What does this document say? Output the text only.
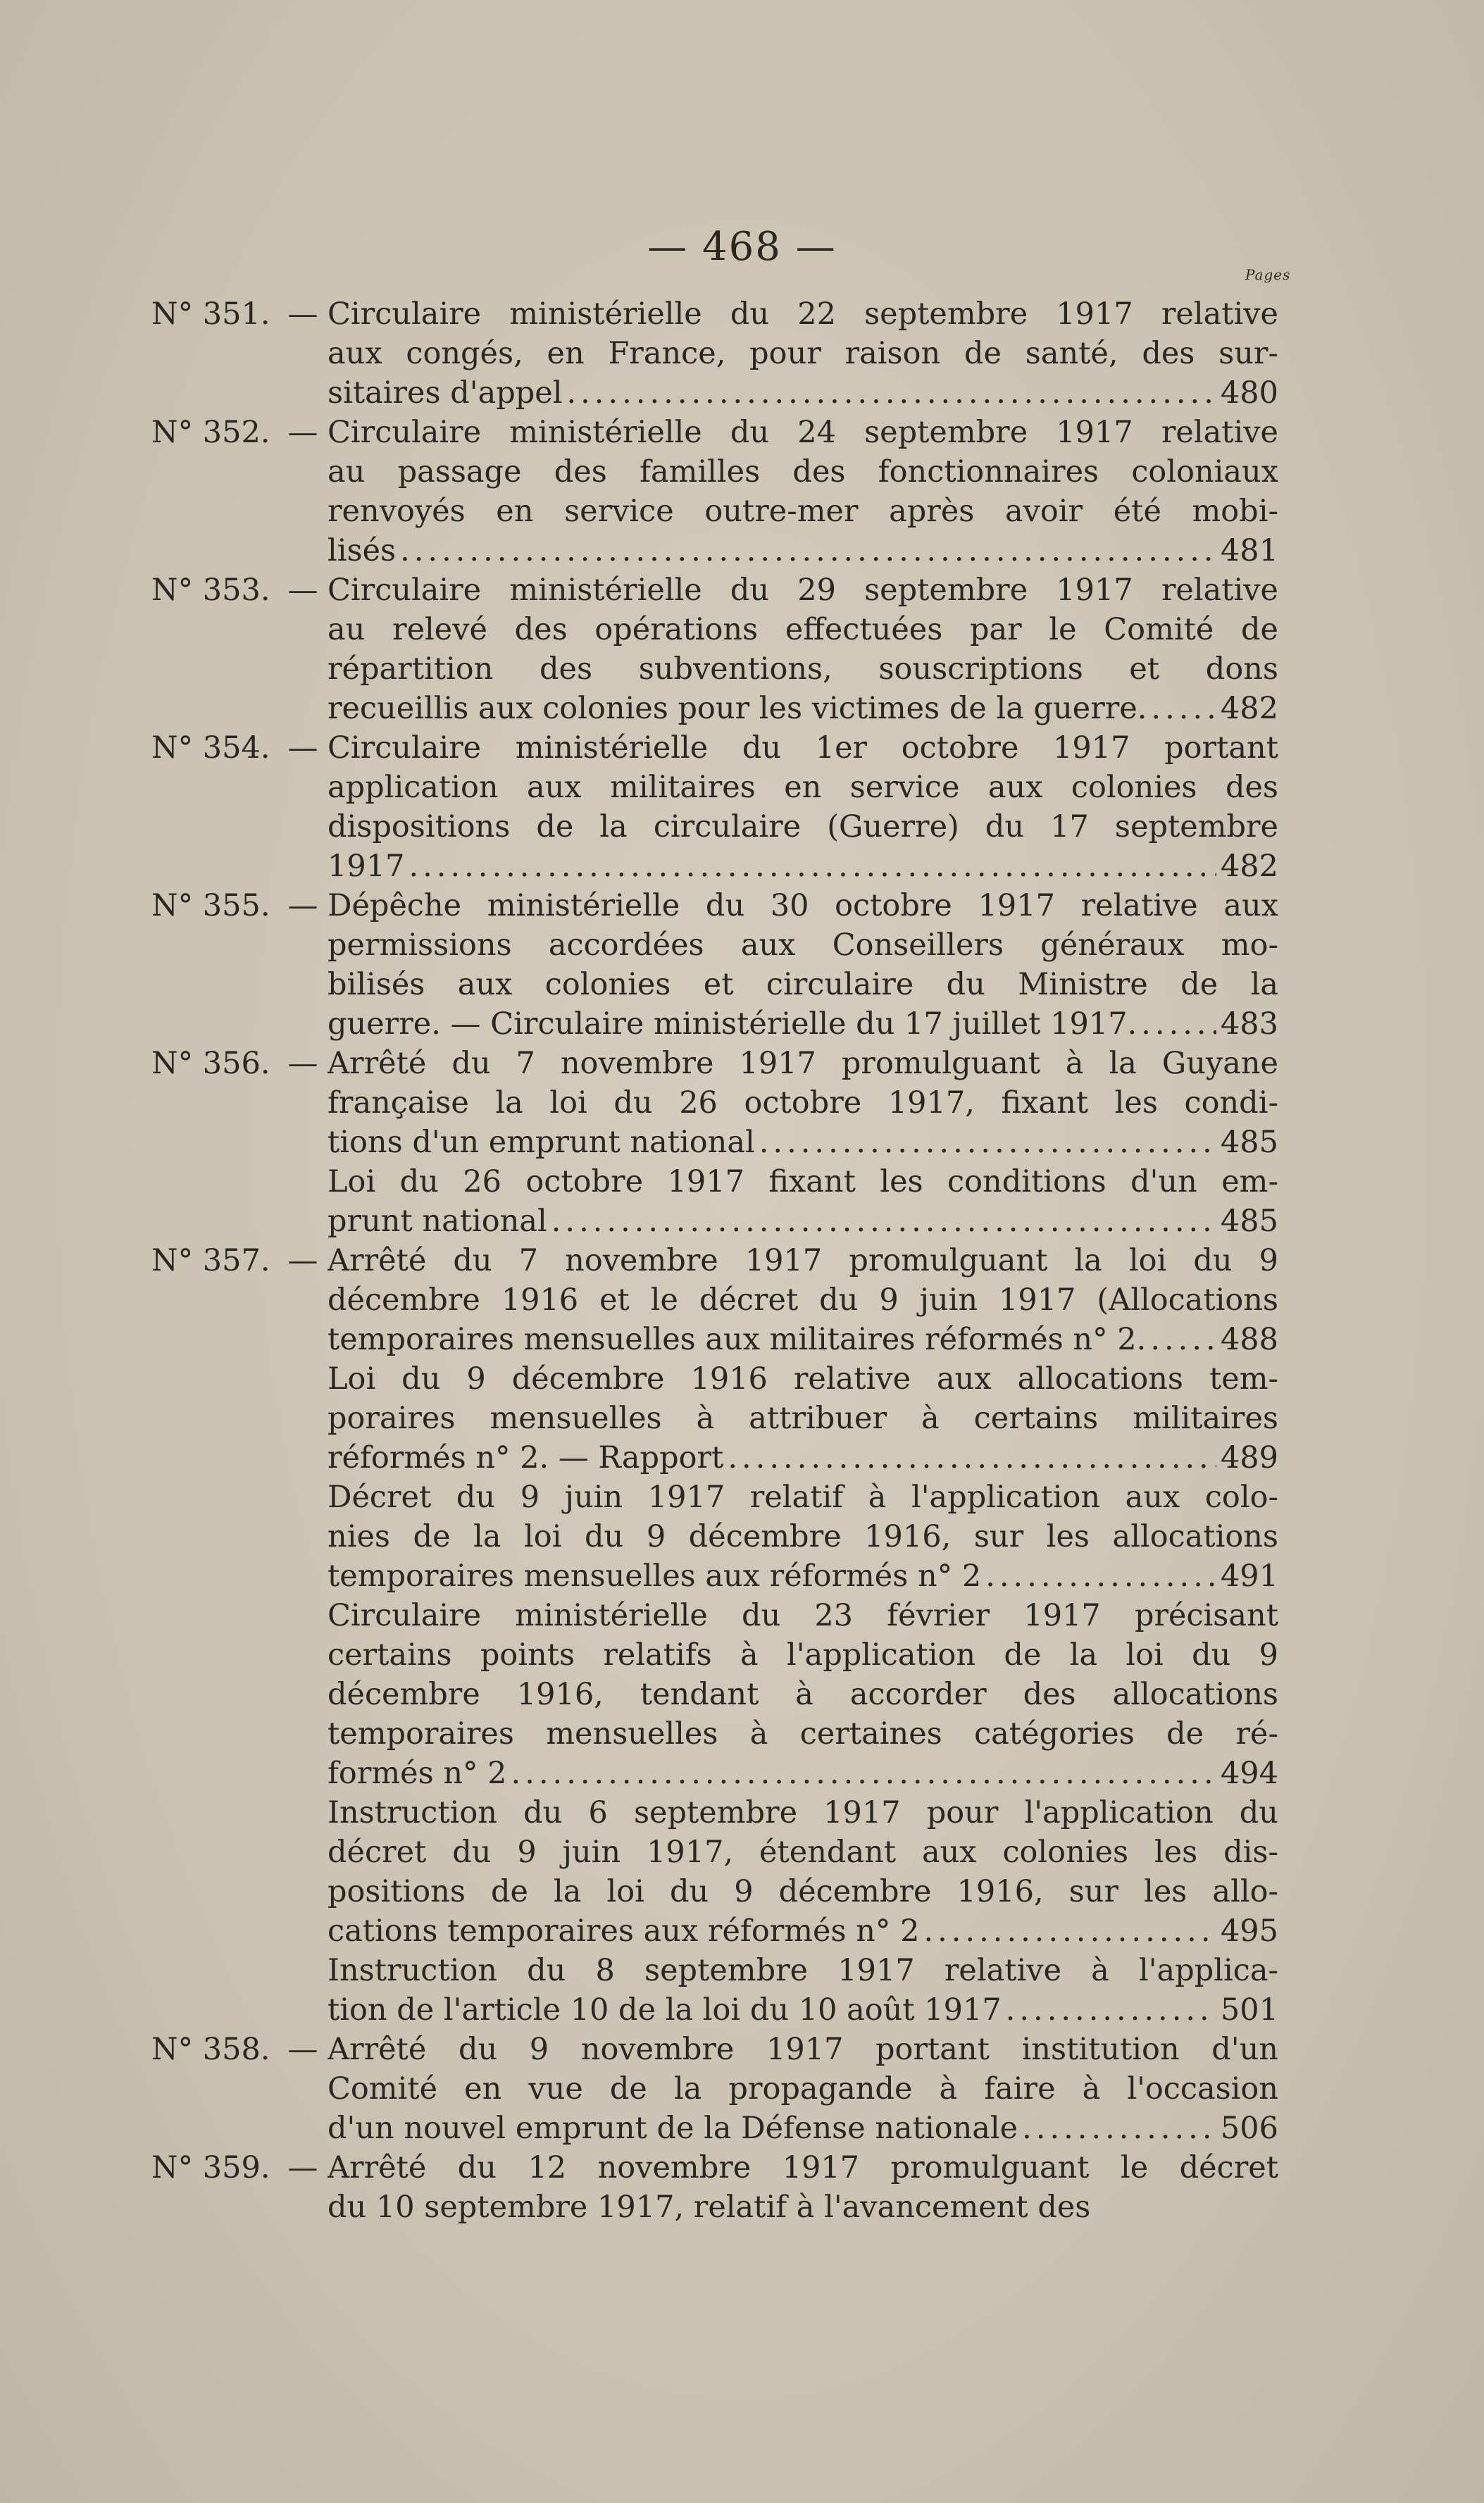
— 468 —
Pages
N° 351. — Circulaire ministérielle du 22 septembre 1917 relative
aux congés, en France, pour raison de santé, des sur-
sitaires d'appel .....	480
N° 352. — Circulaire ministérielle du 24 septembre 1917 relative
au passage des familles des fonctionnaires coloniaux
renvoyés en service outre-mer après avoir été mobi-
lisés .....	481
N° 353. — Circulaire ministérielle du 29 septembre 1917 relative
au relevé des opérations effectuées par le Comité de
répartition des subventions, souscriptions et dons
recueillis aux colonies pour les victimes de la guerre. ..... 482
N° 354. — Circulaire ministérielle du 1er octobre 1917 portant
application aux militaires en service aux colonies des
dispositions de la circulaire (Guerre) du 17 septembre
1917 .....	482
N° 355. — Dépêche ministérielle du 30 octobre 1917 relative aux
permissions accordées aux Conseillers généraux mo-
bilisés aux colonies et circulaire du Ministre de la
guerre. — Circulaire ministérielle du 17 juillet 1917. .....	483
N° 356. — Arrêté du 7 novembre 1917 promulguant à la Guyane
française la loi du 26 octobre 1917, fixant les condi-
tions d'un emprunt national .....	485
Loi du 26 octobre 1917 fixant les conditions d'un em-
prunt national .....	485
N° 357. — Arrêté du 7 novembre 1917 promulguant la loi du 9
décembre 1916 et le décret du 9 juin 1917 (Allocations
temporaires mensuelles aux militaires réformés n° 2. ..... 488
Loi du 9 décembre 1916 relative aux allocations tem-
poraires mensuelles à attribuer à certains militaires
réformés n° 2. — Rapport .....	489
Décret du 9 juin 1917 relatif à l'application aux colo-
nies de la loi du 9 décembre 1916, sur les allocations
temporaires mensuelles aux réformés n° 2 .....	491
Circulaire ministérielle du 23 février 1917 précisant
certains points relatifs à l'application de la loi du 9
décembre 1916, tendant à accorder des allocations
temporaires mensuelles à certaines catégories de ré-
formés n° 2 .....	494
Instruction du 6 septembre 1917 pour l'application du
décret du 9 juin 1917, étendant aux colonies les dis-
positions de la loi du 9 décembre 1916, sur les allo-
cations temporaires aux réformés n° 2 .....	495
Instruction du 8 septembre 1917 relative à l'applica-
tion de l'article 10 de la loi du 10 août 1917 .....	501
N° 358. — Arrêté du 9 novembre 1917 portant institution d'un
Comité en vue de la propagande à faire à l'occasion
d'un nouvel emprunt de la Défense nationale .....	506
N° 359. — Arrêté du 12 novembre 1917 promulguant le décret
du 10 septembre 1917, relatif à l'avancement des
